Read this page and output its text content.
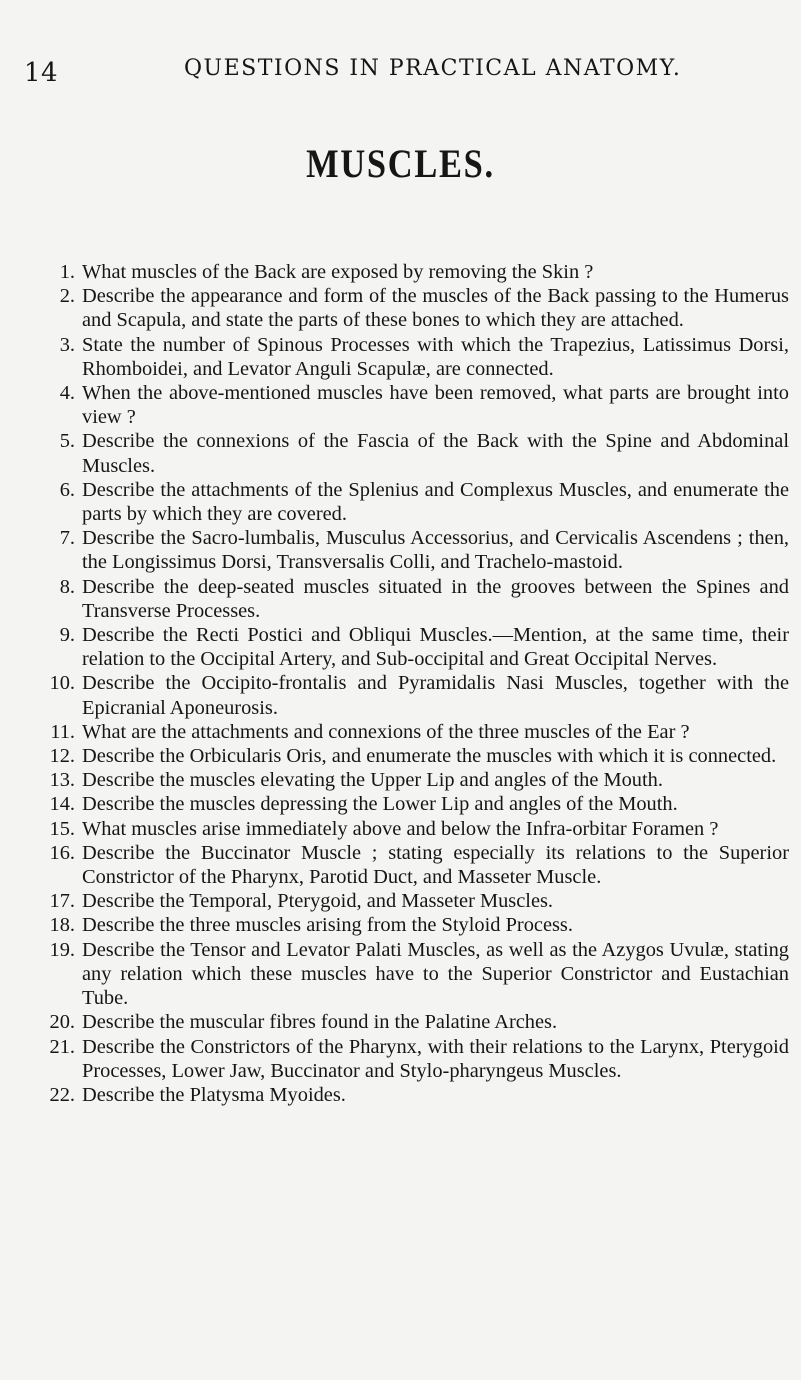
14	QUESTIONS IN PRACTICAL ANATOMY.
MUSCLES.
1. What muscles of the Back are exposed by removing the Skin ?
2. Describe the appearance and form of the muscles of the Back passing to the Humerus and Scapula, and state the parts of these bones to which they are attached.
3. State the number of Spinous Processes with which the Trapezius, Latissimus Dorsi, Rhomboidei, and Levator Anguli Scapulæ, are connected.
4. When the above-mentioned muscles have been removed, what parts are brought into view ?
5. Describe the connexions of the Fascia of the Back with the Spine and Abdominal Muscles.
6. Describe the attachments of the Splenius and Complexus Muscles, and enumerate the parts by which they are covered.
7. Describe the Sacro-lumbalis, Musculus Accessorius, and Cervicalis Ascendens ; then, the Longissimus Dorsi, Transversalis Colli, and Trachelo-mastoid.
8. Describe the deep-seated muscles situated in the grooves between the Spines and Transverse Processes.
9. Describe the Recti Postici and Obliqui Muscles.—Mention, at the same time, their relation to the Occipital Artery, and Sub-occipital and Great Occipital Nerves.
10. Describe the Occipito-frontalis and Pyramidalis Nasi Muscles, together with the Epicranial Aponeurosis.
11. What are the attachments and connexions of the three muscles of the Ear ?
12. Describe the Orbicularis Oris, and enumerate the muscles with which it is connected.
13. Describe the muscles elevating the Upper Lip and angles of the Mouth.
14. Describe the muscles depressing the Lower Lip and angles of the Mouth.
15. What muscles arise immediately above and below the Infra-orbitar Foramen ?
16. Describe the Buccinator Muscle ; stating especially its relations to the Superior Constrictor of the Pharynx, Parotid Duct, and Masseter Muscle.
17. Describe the Temporal, Pterygoid, and Masseter Muscles.
18. Describe the three muscles arising from the Styloid Process.
19. Describe the Tensor and Levator Palati Muscles, as well as the Azygos Uvulæ, stating any relation which these muscles have to the Superior Constrictor and Eustachian Tube.
20. Describe the muscular fibres found in the Palatine Arches.
21. Describe the Constrictors of the Pharynx, with their relations to the Larynx, Pterygoid Processes, Lower Jaw, Buccinator and Stylo-pharyngeus Muscles.
22. Describe the Platysma Myoides.
